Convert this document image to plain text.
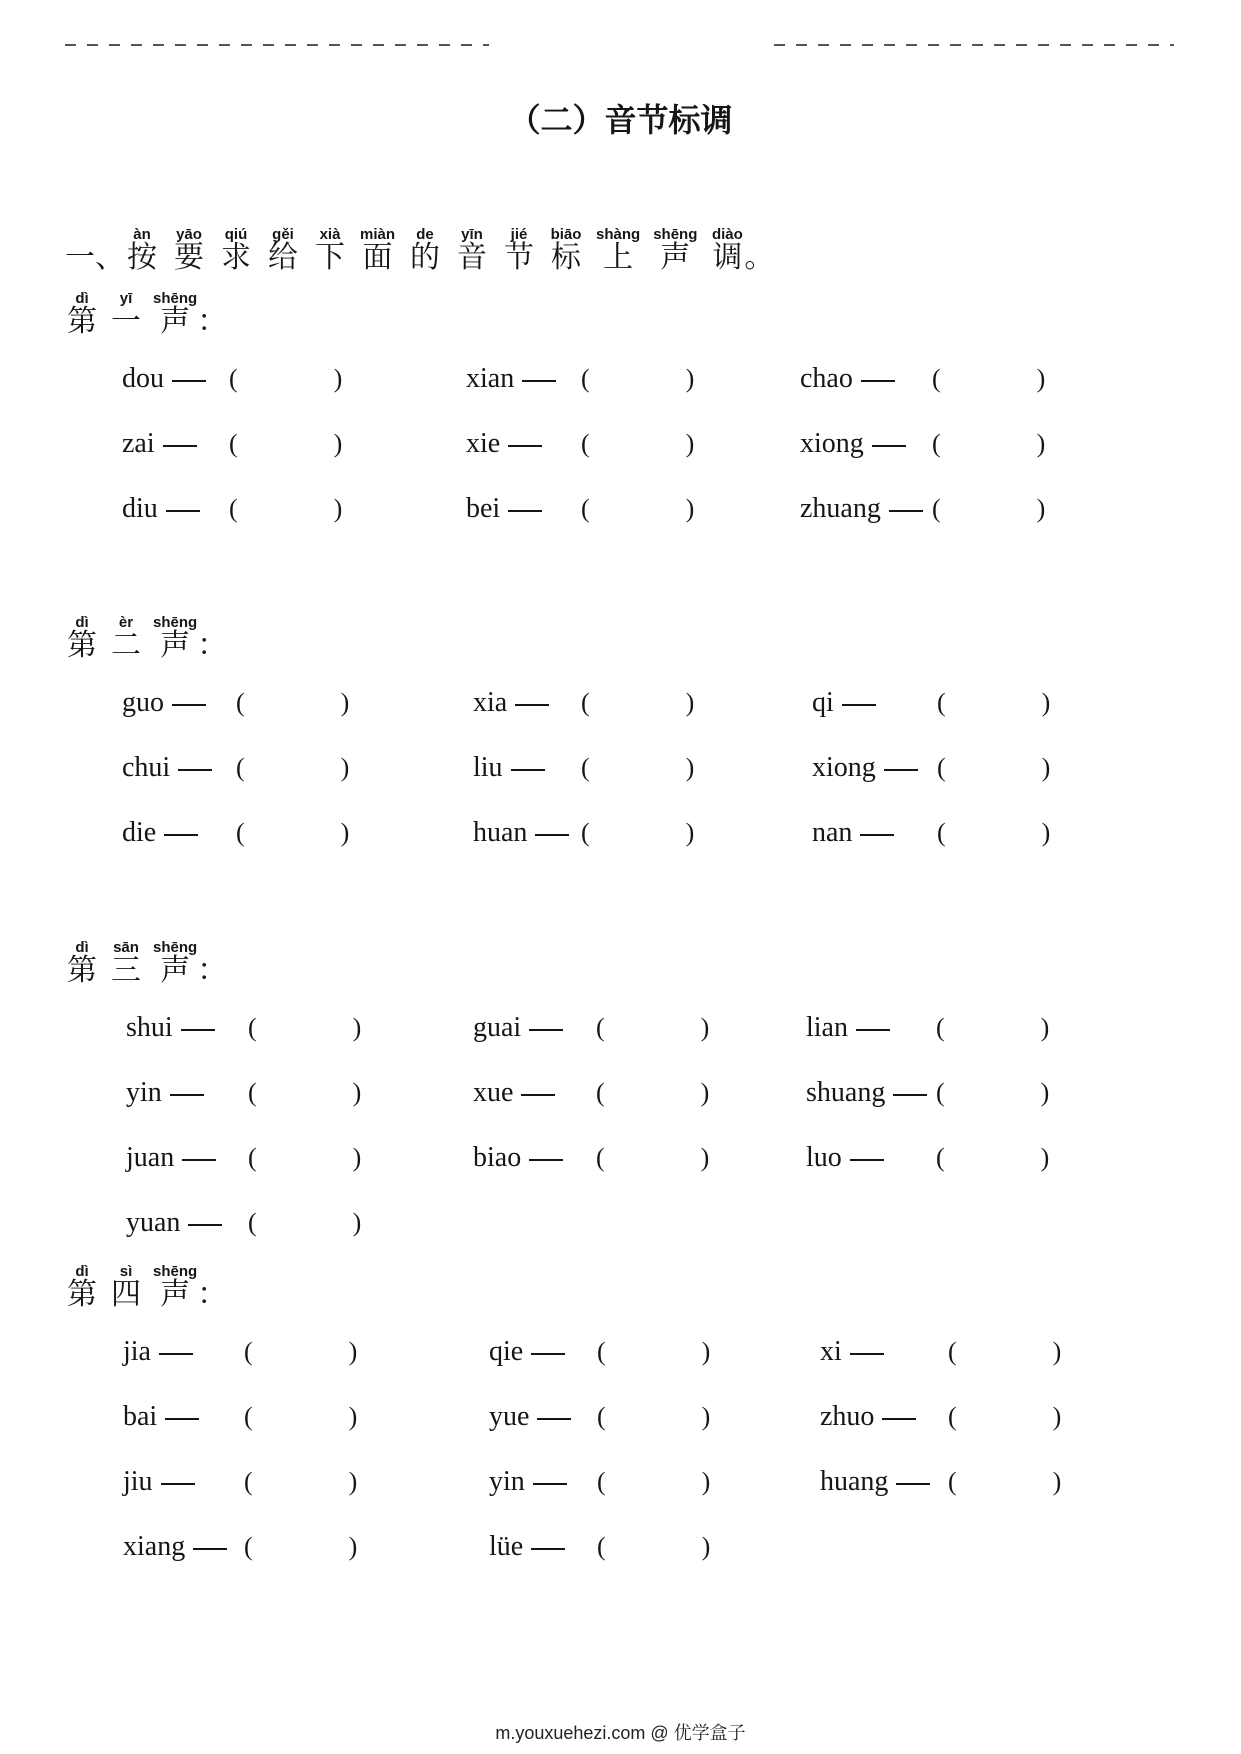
（二）音节标调
一、
àn
按
yāo
要
qiú
求
gěi
给
xià
下
miàn
面
de
的
yīn
音
jié
节
biāo
标
shàng
上
shēng
声
diào
调 。
dì
第
yī
一
shēng
声 ：
dou	(	)	xian	(	)	chao	(	)
zai	(	)	xie	(	)	xiong	(	)
diu	(	)	bei	(	)	zhuang (	)
dì
第
èr
二
shēng
声 ：
guo	(	)	xia	(	)	qi	(	)
chui	(	)	liu	(	)	xiong (	)
die	(	)	huan (	)	nan	(	)
dì
第
sān
三
shēng
声 ：
shui	(	)	guai	(	)	lian	(	)
yin	(	)	xue	(	)	shuang (	)
juan	(	)	biao	(	)	luo	(	)
yuan	(	)
dì
第
sì
四
shēng
声 ：
jia	(	)	qie	(	)	xi	(	)
bai	(	)	yue	(	)	zhuo	(	)
jiu	(	)	yin	(	)	huang (	)
xiang (	)	lüe	(	)
m.youxuehezi.com @ 优学盒子
